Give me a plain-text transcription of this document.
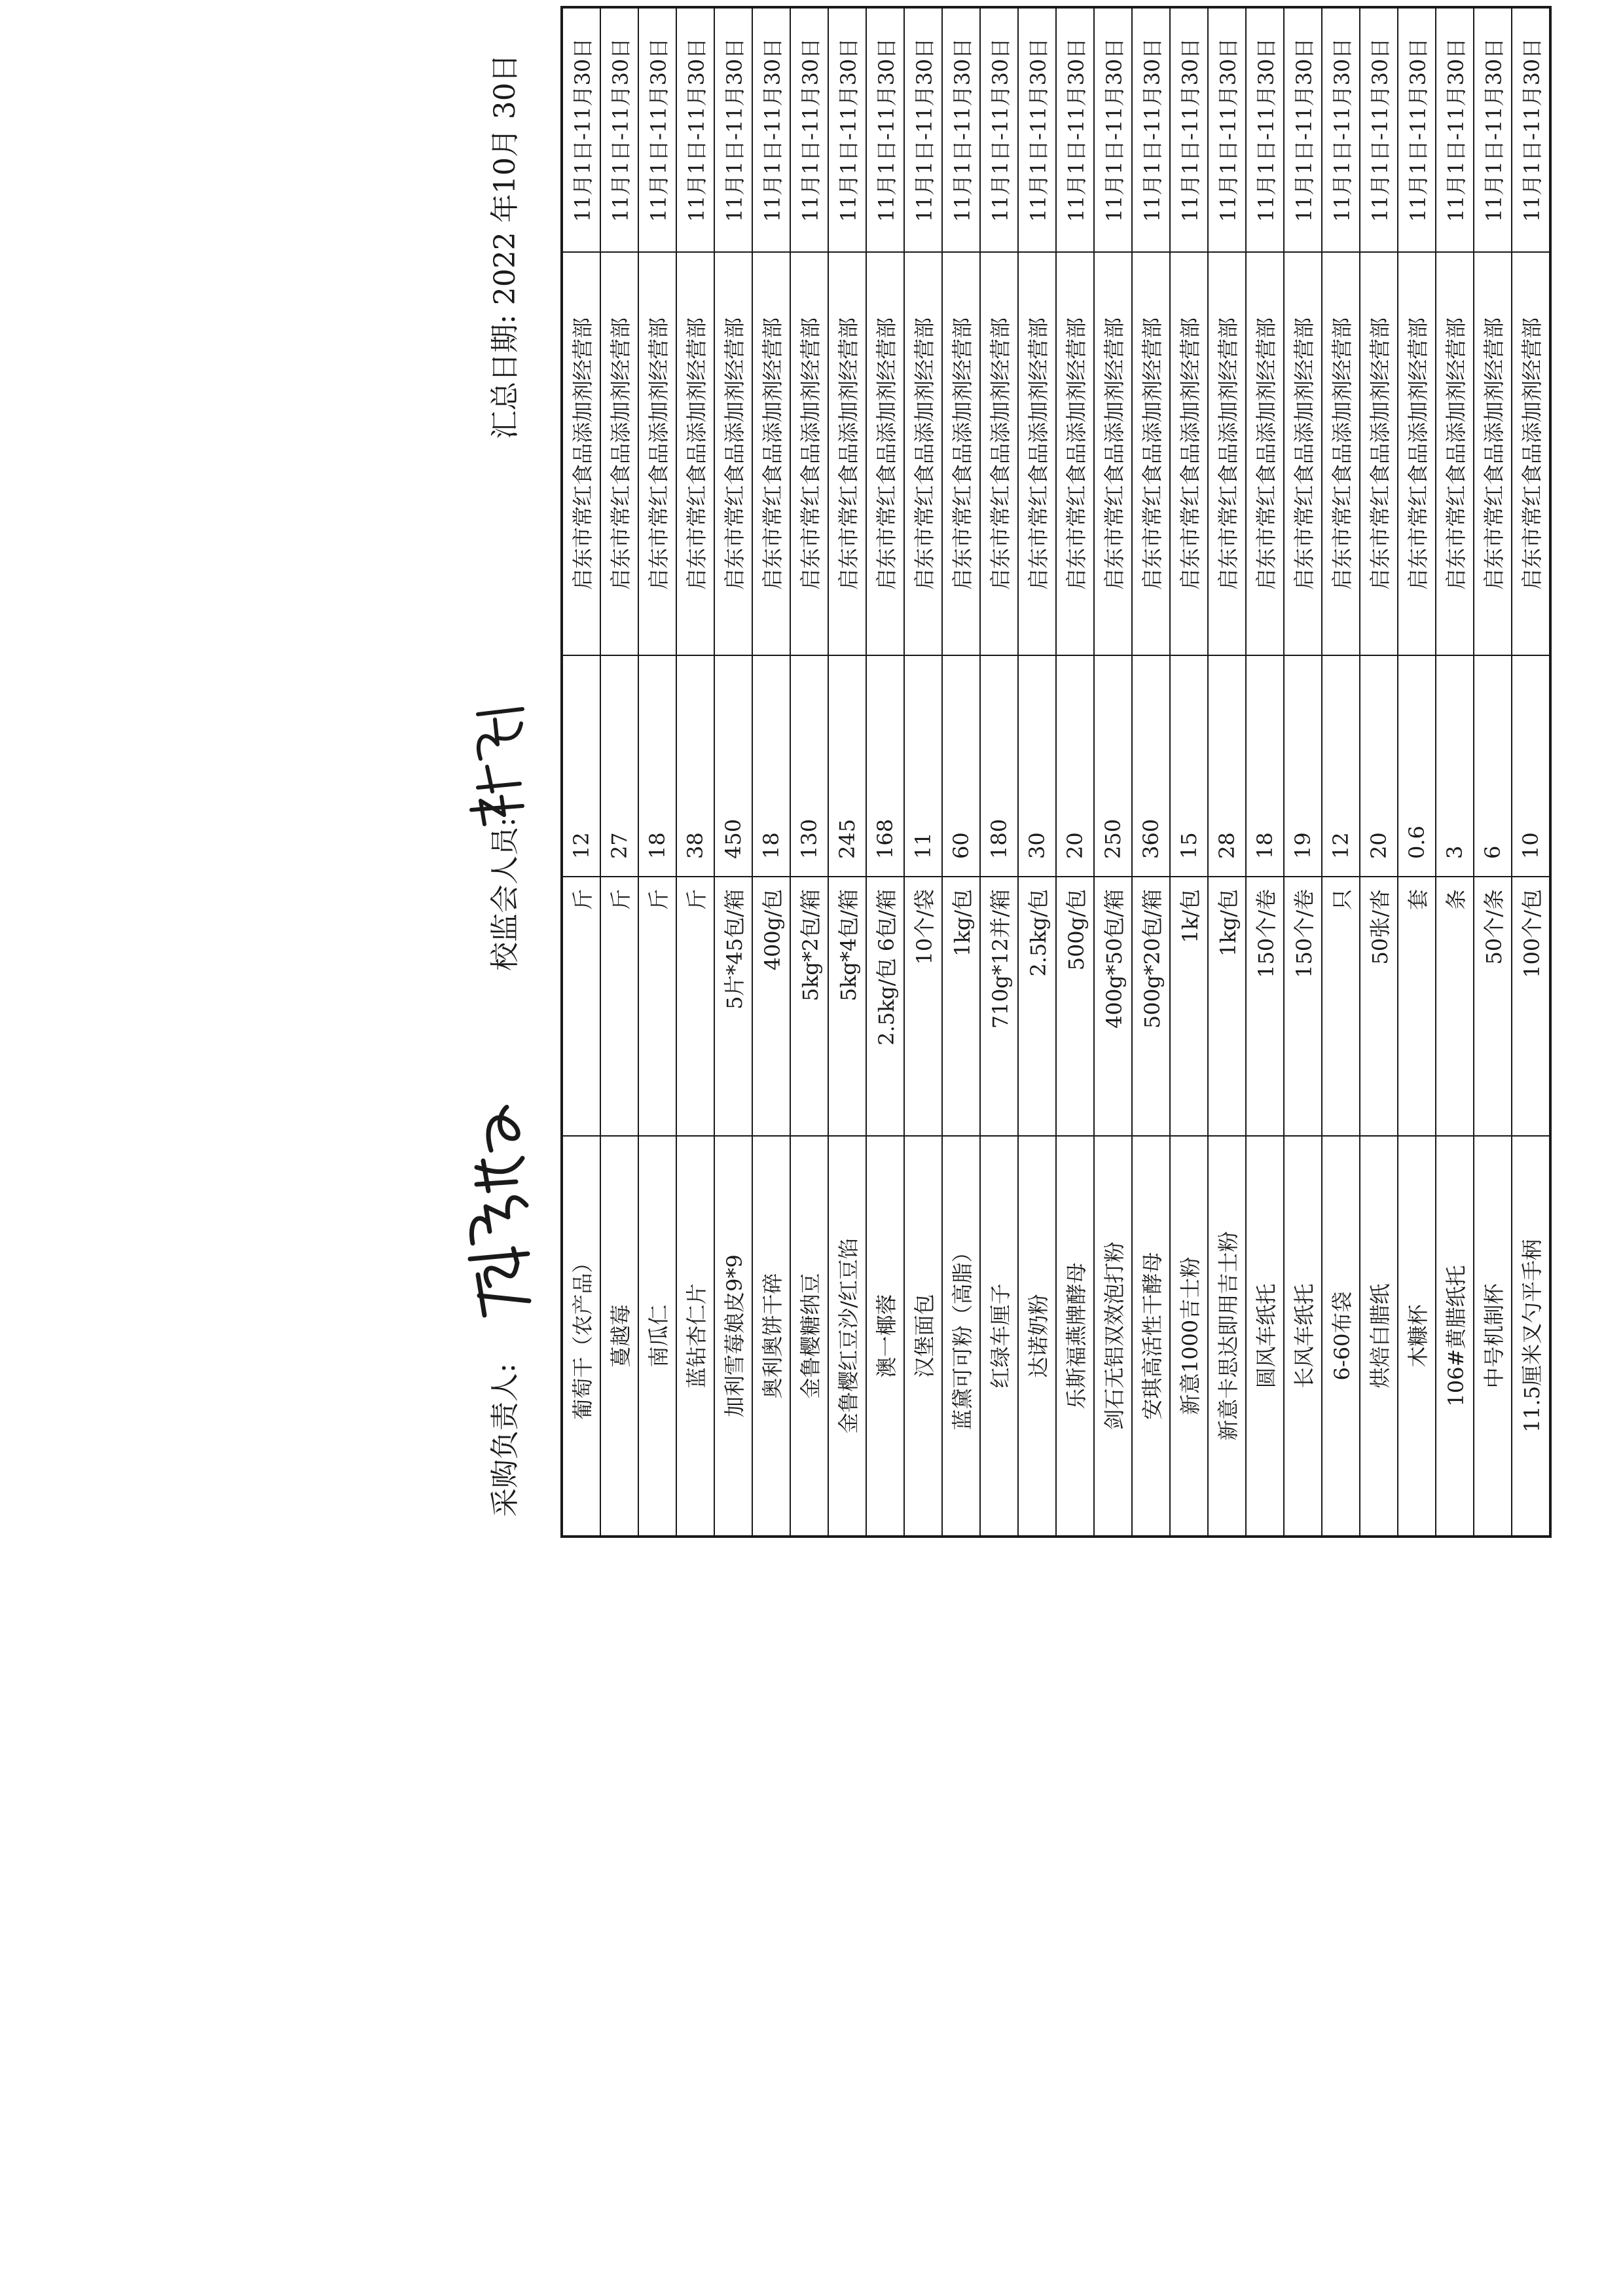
葡萄干（农产品）	斤	12	启东市常红食品添加剂经营部	11月1日-11月30日
蔓越莓	斤	27	启东市常红食品添加剂经营部	11月1日-11月30日
南瓜仁	斤	18	启东市常红食品添加剂经营部	11月1日-11月30日
蓝钻杏仁片	斤	38	启东市常红食品添加剂经营部	11月1日-11月30日
加利雪莓娘皮9*9	5片*45包/箱	450	启东市常红食品添加剂经营部	11月1日-11月30日
奥利奥饼干碎	400g/包	18	启东市常红食品添加剂经营部	11月1日-11月30日
金鲁樱糖纳豆	5kg*2包/箱	130	启东市常红食品添加剂经营部	11月1日-11月30日
金鲁樱红豆沙/红豆馅	5kg*4包/箱	245	启东市常红食品添加剂经营部	11月1日-11月30日
澳一椰蓉	2.5kg/包 6包/箱	168	启东市常红食品添加剂经营部	11月1日-11月30日
汉堡面包	10个/袋	11	启东市常红食品添加剂经营部	11月1日-11月30日
蓝黛可可粉（高脂）	1kg/包	60	启东市常红食品添加剂经营部	11月1日-11月30日
红绿车厘子	710g*12并/箱	180	启东市常红食品添加剂经营部	11月1日-11月30日
达诺奶粉	2.5kg/包	30	启东市常红食品添加剂经营部	11月1日-11月30日
乐斯福燕牌酵母	500g/包	20	启东市常红食品添加剂经营部	11月1日-11月30日
剑石无铝双效泡打粉	400g*50包/箱	250	启东市常红食品添加剂经营部	11月1日-11月30日
安琪高活性干酵母	500g*20包/箱	360	启东市常红食品添加剂经营部	11月1日-11月30日
新意1000吉士粉	1k/包	15	启东市常红食品添加剂经营部	11月1日-11月30日
新意卡思达即用吉士粉	1kg/包	28	启东市常红食品添加剂经营部	11月1日-11月30日
圆风车纸托	150个/卷	18	启东市常红食品添加剂经营部	11月1日-11月30日
长风车纸托	150个/卷	19	启东市常红食品添加剂经营部	11月1日-11月30日
6-60布袋	只	12	启东市常红食品添加剂经营部	11月1日-11月30日
烘焙白腊纸	50张/沓	20	启东市常红食品添加剂经营部	11月1日-11月30日
木糠杯	套	0.6	启东市常红食品添加剂经营部	11月1日-11月30日
106#黄腊纸托	条	3	启东市常红食品添加剂经营部	11月1日-11月30日
中号机制杯	50个/条	6	启东市常红食品添加剂经营部	11月1日-11月30日
11.5厘米叉勺平手柄	100个/包	10	启东市常红食品添加剂经营部	11月1日-11月30日
采购负责人:
校监会人员:
汇总日期: 2022 年10月 30日
